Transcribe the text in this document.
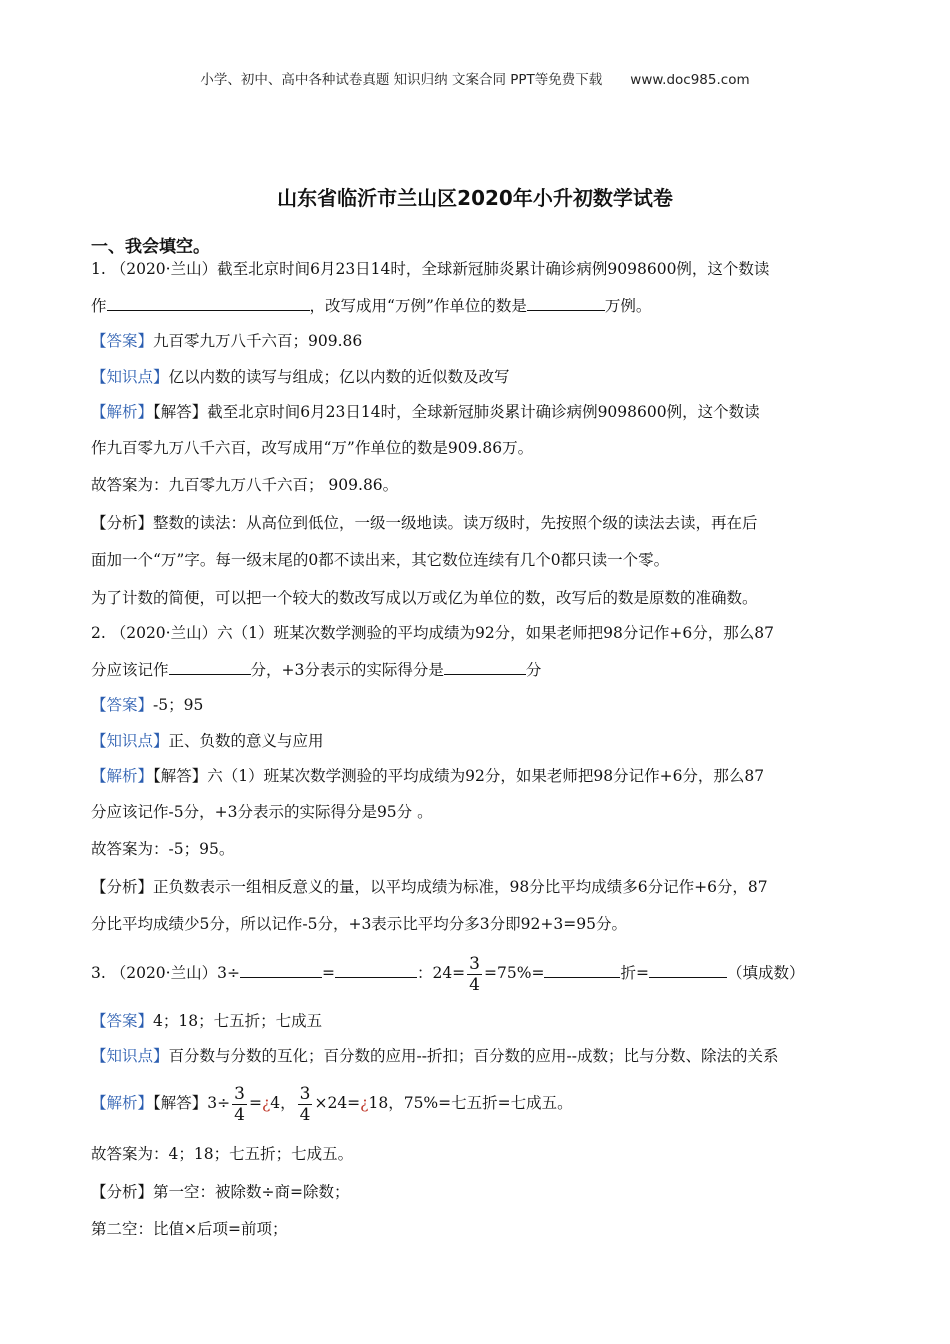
小学、初中、高中各种试卷真题 知识归纳 文案合同 PPT等免费下载 www.doc985.com
山东省临沂市兰山区2020年小升初数学试卷
一、我会填空。
1. （2020·兰山）截至北京时间6月23日14时，全球新冠肺炎累计确诊病例9098600例，这个数读
作	，改写成用“万例”作单位的数是	万例。
【答案】九百零九万八千六百；909.86
【知识点】亿以内数的读写与组成；亿以内数的近似数及改写
【解析】【解答】截至北京时间6月23日14时，全球新冠肺炎累计确诊病例9098600例，这个数读
作九百零九万八千六百，改写成用“万”作单位的数是909.86万。
故答案为：九百零九万八千六百； 909.86。
【分析】整数的读法：从高位到低位，一级一级地读。读万级时，先按照个级的读法去读，再在后
面加一个“万”字。每一级末尾的0都不读出来，其它数位连续有几个0都只读一个零。
为了计数的简便，可以把一个较大的数改写成以万或亿为单位的数，改写后的数是原数的准确数。
2. （2020·兰山）六（1）班某次数学测验的平均成绩为92分，如果老师把98分记作+6分，那么87
分应该记作	分，+3分表示的实际得分是	分
【答案】-5；95
【知识点】正、负数的意义与应用
【解析】【解答】六（1）班某次数学测验的平均成绩为92分，如果老师把98分记作+6分，那么87
分应该记作-5分，+3分表示的实际得分是95分 。
故答案为：-5；95。
【分析】正负数表示一组相反意义的量，以平均成绩为标准，98分比平均成绩多6分记作+6分，87
分比平均成绩少5分，所以记作-5分，+3表示比平均分多3分即92+3=95分。
3. （2020·兰山）3÷	=	：$24= \frac{3}{4} =75\%=$	折=	（填成数）
【答案】4；18；七五折；七成五
【知识点】百分数与分数的互化；百分数的应用--折扣；百分数的应用--成数；比与分数、除法的关系
【解析】【解答】$3\div \frac{3}{4}$ =¿4， $\frac{3}{4}$ ×24=¿18，75%=七五折=七成五。
故答案为：4；18；七五折；七成五。
【分析】第一空：被除数÷商=除数；
第二空：比值×后项=前项；
